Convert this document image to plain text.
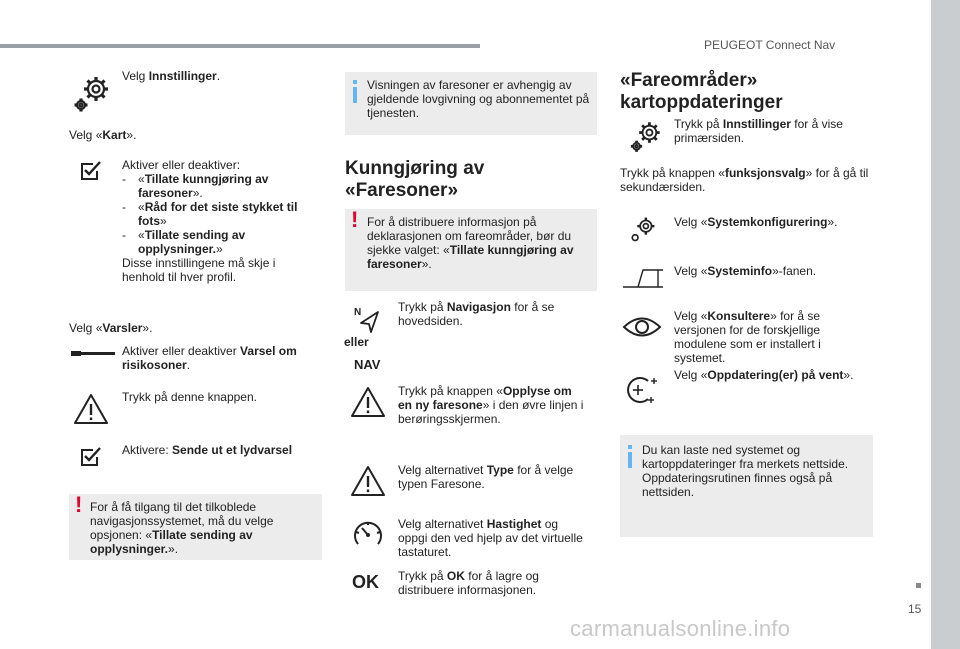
PEUGEOT Connect Nav
15
carmanualsonline.info
Velg Innstillinger.
Velg «Kart».
Aktiver eller deaktiver:
- «Tillate kunngjøring av faresoner».
- «Råd for det siste stykket til fots»
- «Tillate sending av opplysninger.»
Disse innstillingene må skje i henhold til hver profil.
Velg «Varsler».
Aktiver eller deaktiver Varsel om risikosoner.
Trykk på denne knappen.
Aktivere: Sende ut et lydvarsel
! For å få tilgang til det tilkoblede navigasjonssystemet, må du velge opsjonen: «Tillate sending av opplysninger.».
Visningen av faresoner er avhengig av gjeldende lovgivning og abonnementet på tjenesten.
Kunngjøring av «Faresoner»
! For å distribuere informasjon på deklarasjonen om fareområder, bør du sjekke valget: «Tillate kunngjøring av faresoner».
N	Trykk på Navigasjon for å se hovedsiden.
eller
NAV
Trykk på knappen «Opplyse om en ny faresone» i den øvre linjen i berøringsskjermen.
Velg alternativet Type for å velge typen Faresone.
Velg alternativet Hastighet og oppgi den ved hjelp av det virtuelle tastaturet.
OK Trykk på OK for å lagre og distribuere informasjonen.
«Fareområder» kartoppdateringer
Trykk på Innstillinger for å vise primærsiden.
Trykk på knappen «funksjonsvalg» for å gå til sekundærsiden.
Velg «Systemkonfigurering».
Velg «Systeminfo»-fanen.
Velg «Konsultere» for å se versjonen for de forskjellige modulene som er installert i systemet.
Velg «Oppdatering(er) på vent».
Du kan laste ned systemet og kartoppdateringer fra merkets nettside. Oppdateringsrutinen finnes også på nettsiden.
